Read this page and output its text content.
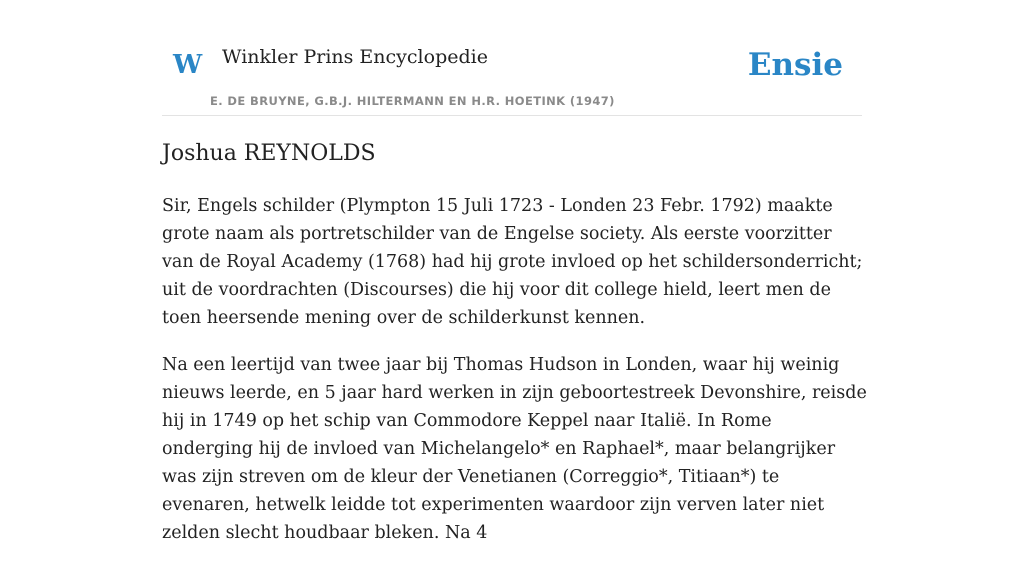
W Winkler Prins Encyclopedie
E. DE BRUYNE, G.B.J. HILTERMANN EN H.R. HOETINK (1947)
Ensie
Joshua REYNOLDS

Sir, Engels schilder (Plympton 15 Juli 1723 - Londen 23 Febr. 1792) maakte grote naam als portretschilder van de Engelse society. Als eerste voorzitter van de Royal Academy (1768) had hij grote invloed op het schildersonderricht; uit de voordrachten (Discourses) die hij voor dit college hield, leert men de toen heersende mening over de schilderkunst kennen.

Na een leertijd van twee jaar bij Thomas Hudson in Londen, waar hij weinig nieuws leerde, en 5 jaar hard werken in zijn geboortestreek Devonshire, reisde hij in 1749 op het schip van Commodore Keppel naar Italië. In Rome onderging hij de invloed van Michelangelo* en Raphael*, maar belangrijker was zijn streven om de kleur der Venetianen (Correggio*, Titiaan*) te evenaren, hetwelk leidde tot experimenten waardoor zijn verven later niet zelden slecht houdbaar bleken. Na 4
